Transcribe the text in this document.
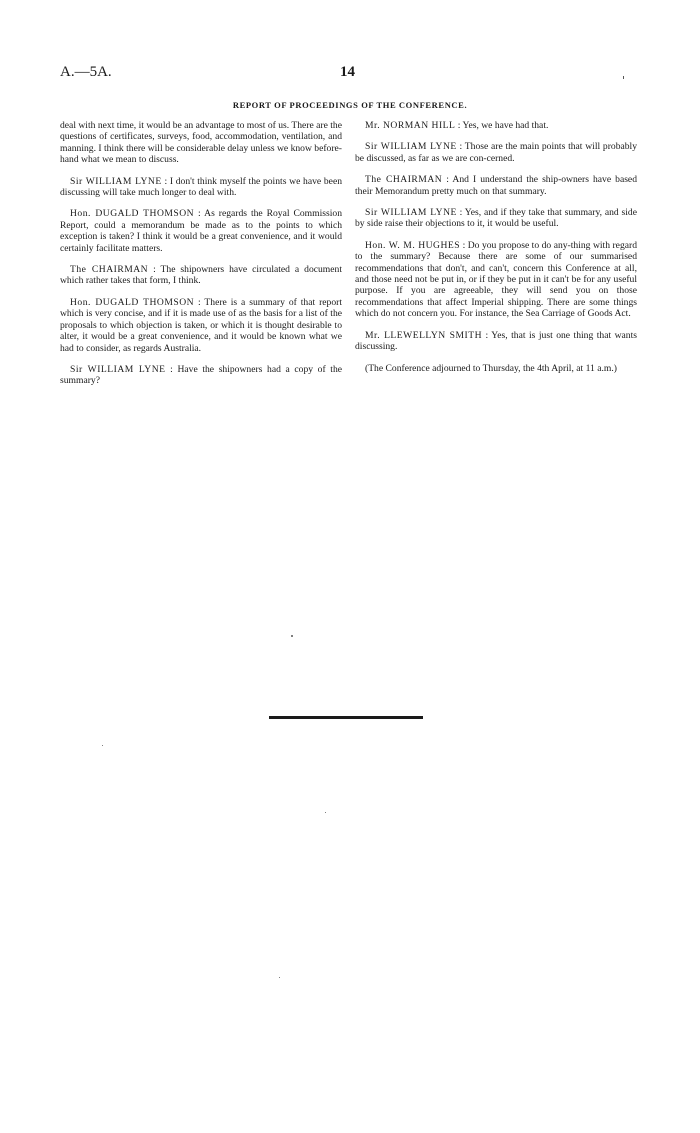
A.—5A.	14
REPORT OF PROCEEDINGS OF THE CONFERENCE.

deal with next time, it would be an advantage to most of us. There are the questions of certificates, surveys, food, accommodation, ventilation, and manning. I think there will be considerable delay unless we know before-hand what we mean to discuss.

Sir WILLIAM LYNE : I don't think myself the points we have been discussing will take much longer to deal with.

Hon. DUGALD THOMSON : As regards the Royal Commission Report, could a memorandum be made as to the points to which exception is taken? I think it would be a great convenience, and it would certainly facilitate matters.

The CHAIRMAN : The shipowners have circulated a document which rather takes that form, I think.

Hon. DUGALD THOMSON : There is a summary of that report which is very concise, and if it is made use of as the basis for a list of the proposals to which objection is taken, or which it is thought desirable to alter, it would be a great convenience, and it would be known what we had to consider, as regards Australia.

Sir WILLIAM LYNE : Have the shipowners had a copy of the summary?

Mr. NORMAN HILL : Yes, we have had that.

Sir WILLIAM LYNE : Those are the main points that will probably be discussed, as far as we are con-cerned.

The CHAIRMAN : And I understand the ship-owners have based their Memorandum pretty much on that summary.

Sir WILLIAM LYNE : Yes, and if they take that summary, and side by side raise their objections to it, it would be useful.

Hon. W. M. HUGHES : Do you propose to do any-thing with regard to the summary? Because there are some of our summarised recommendations that don't, and can't, concern this Conference at all, and those need not be put in, or if they be put in it can't be for any useful purpose. If you are agreeable, they will send you on those recommendations that affect Imperial shipping. There are some things which do not concern you. For instance, the Sea Carriage of Goods Act.

Mr. LLEWELLYN SMITH : Yes, that is just one thing that wants discussing.

(The Conference adjourned to Thursday, the 4th April, at 11 a.m.)
